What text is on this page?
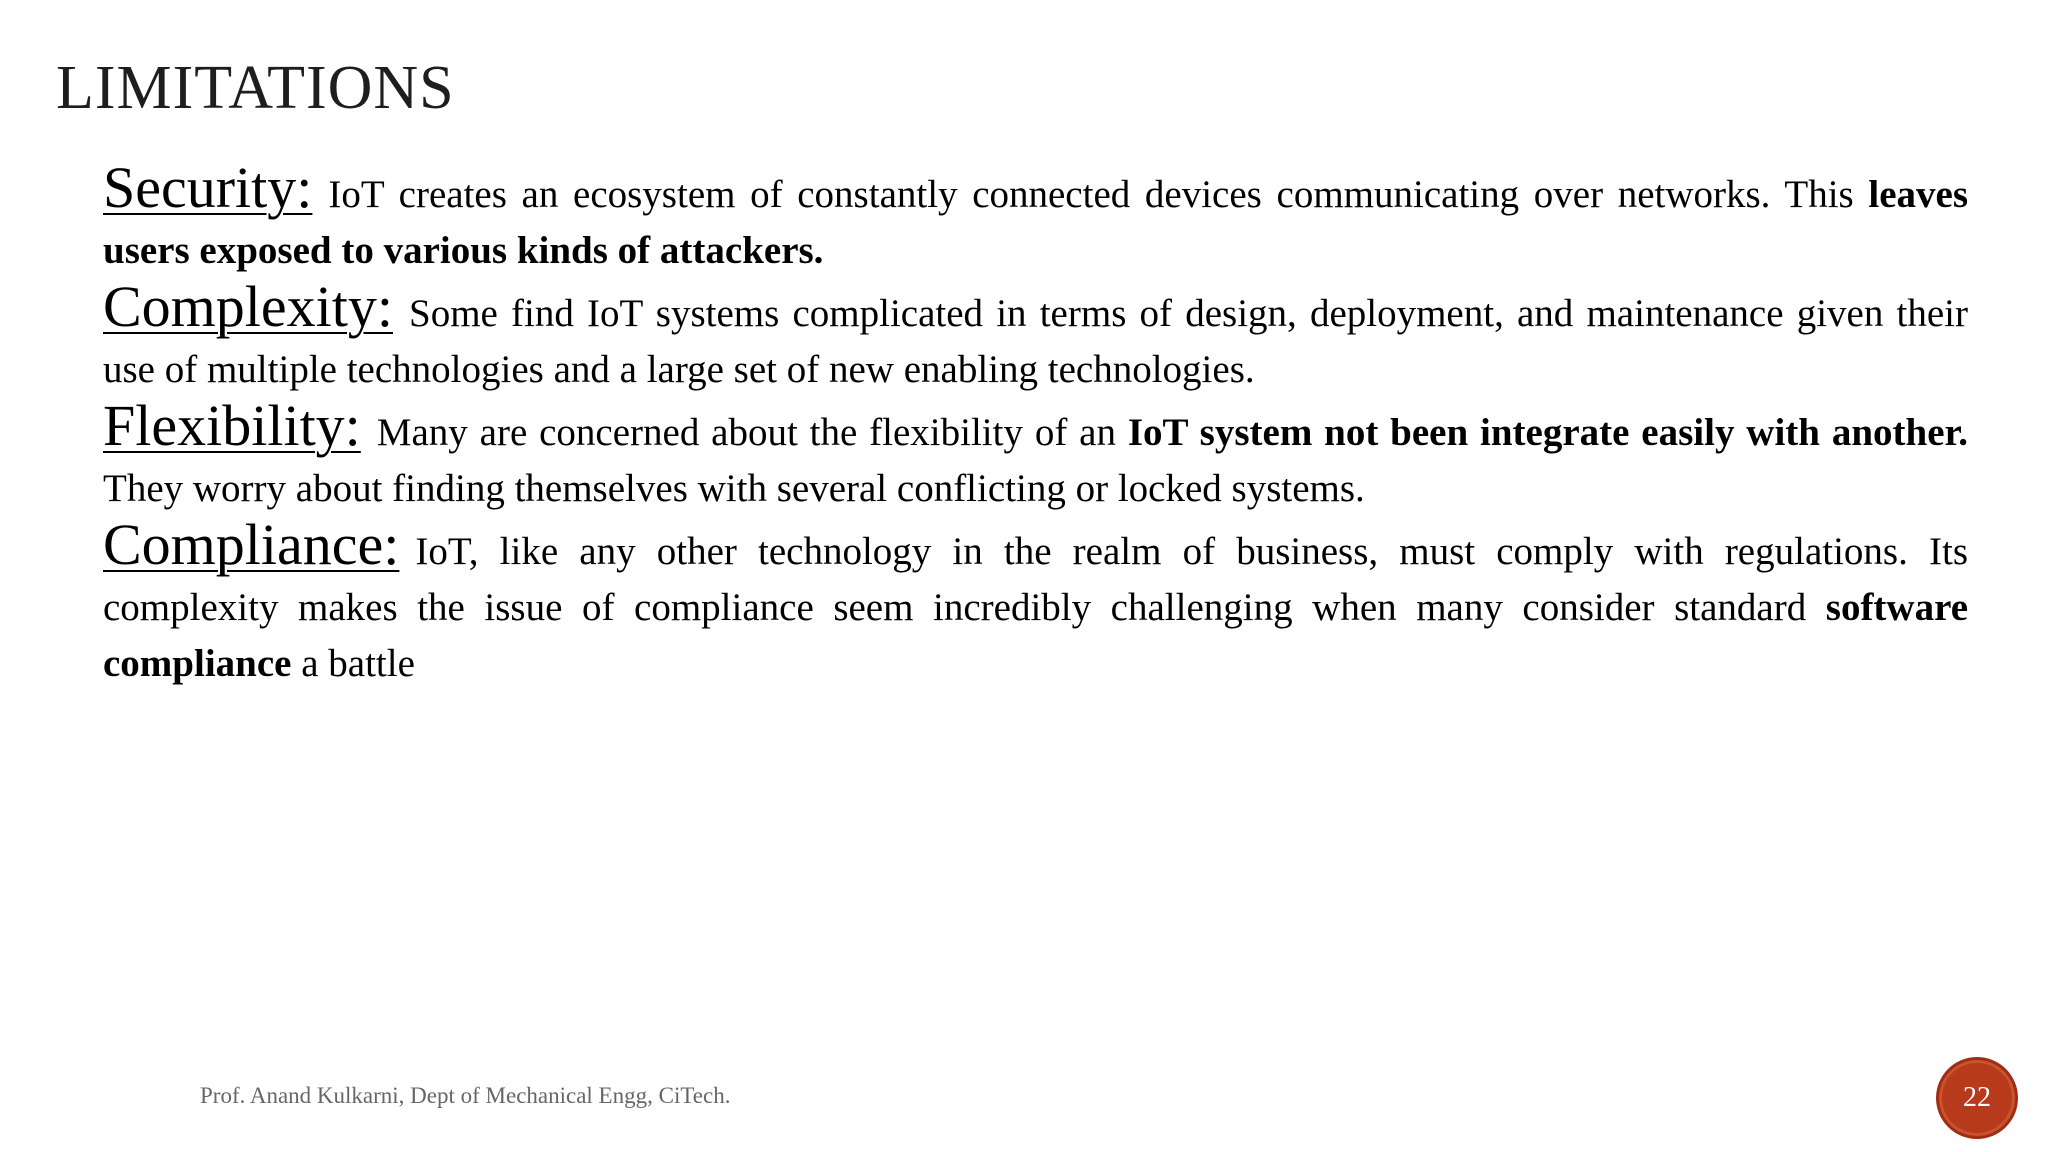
LIMITATIONS

Security: IoT creates an ecosystem of constantly connected devices communicating over networks. This leaves users exposed to various kinds of attackers.

Complexity: Some find IoT systems complicated in terms of design, deployment, and maintenance given their use of multiple technologies and a large set of new enabling technologies.

Flexibility: Many are concerned about the flexibility of an IoT system not been integrate easily with another. They worry about finding themselves with several conflicting or locked systems.

Compliance: IoT, like any other technology in the realm of business, must comply with regulations. Its complexity makes the issue of compliance seem incredibly challenging when many consider standard software compliance a battle

Prof. Anand Kulkarni, Dept of Mechanical Engg, CiTech.	22
